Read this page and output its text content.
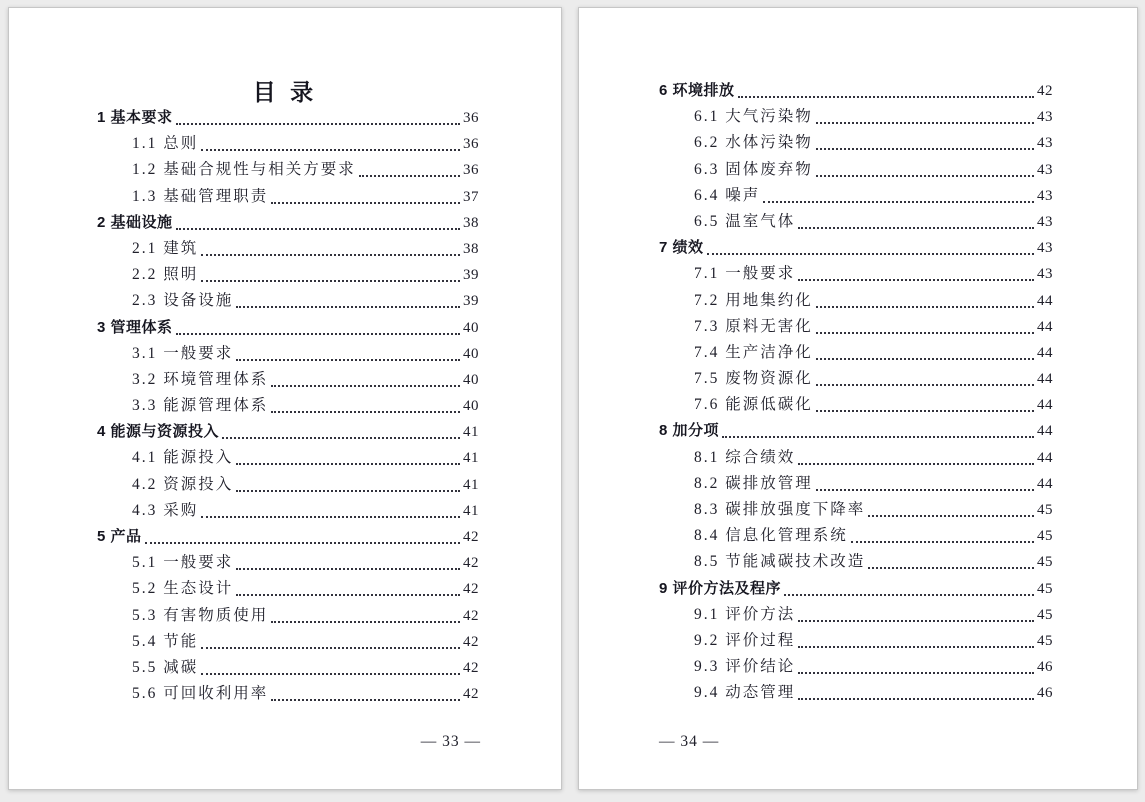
目 录
1 基本要求	36
1.1 总则	36
1.2 基础合规性与相关方要求	36
1.3 基础管理职责	37
2 基础设施	38
2.1 建筑	38
2.2 照明	39
2.3 设备设施	39
3 管理体系	40
3.1 一般要求	40
3.2 环境管理体系	40
3.3 能源管理体系	40
4 能源与资源投入	41
4.1 能源投入	41
4.2 资源投入	41
4.3 采购	41
5 产品	42
5.1 一般要求	42
5.2 生态设计	42
5.3 有害物质使用	42
5.4 节能	42
5.5 减碳	42
5.6 可回收利用率	42
— 33 —
6 环境排放	42
6.1 大气污染物	43
6.2 水体污染物	43
6.3 固体废弃物	43
6.4 噪声	43
6.5 温室气体	43
7 绩效	43
7.1 一般要求	43
7.2 用地集约化	44
7.3 原料无害化	44
7.4 生产洁净化	44
7.5 废物资源化	44
7.6 能源低碳化	44
8 加分项	44
8.1 综合绩效	44
8.2 碳排放管理	44
8.3 碳排放强度下降率	45
8.4 信息化管理系统	45
8.5 节能减碳技术改造	45
9 评价方法及程序	45
9.1 评价方法	45
9.2 评价过程	45
9.3 评价结论	46
9.4 动态管理	46
— 34 —
